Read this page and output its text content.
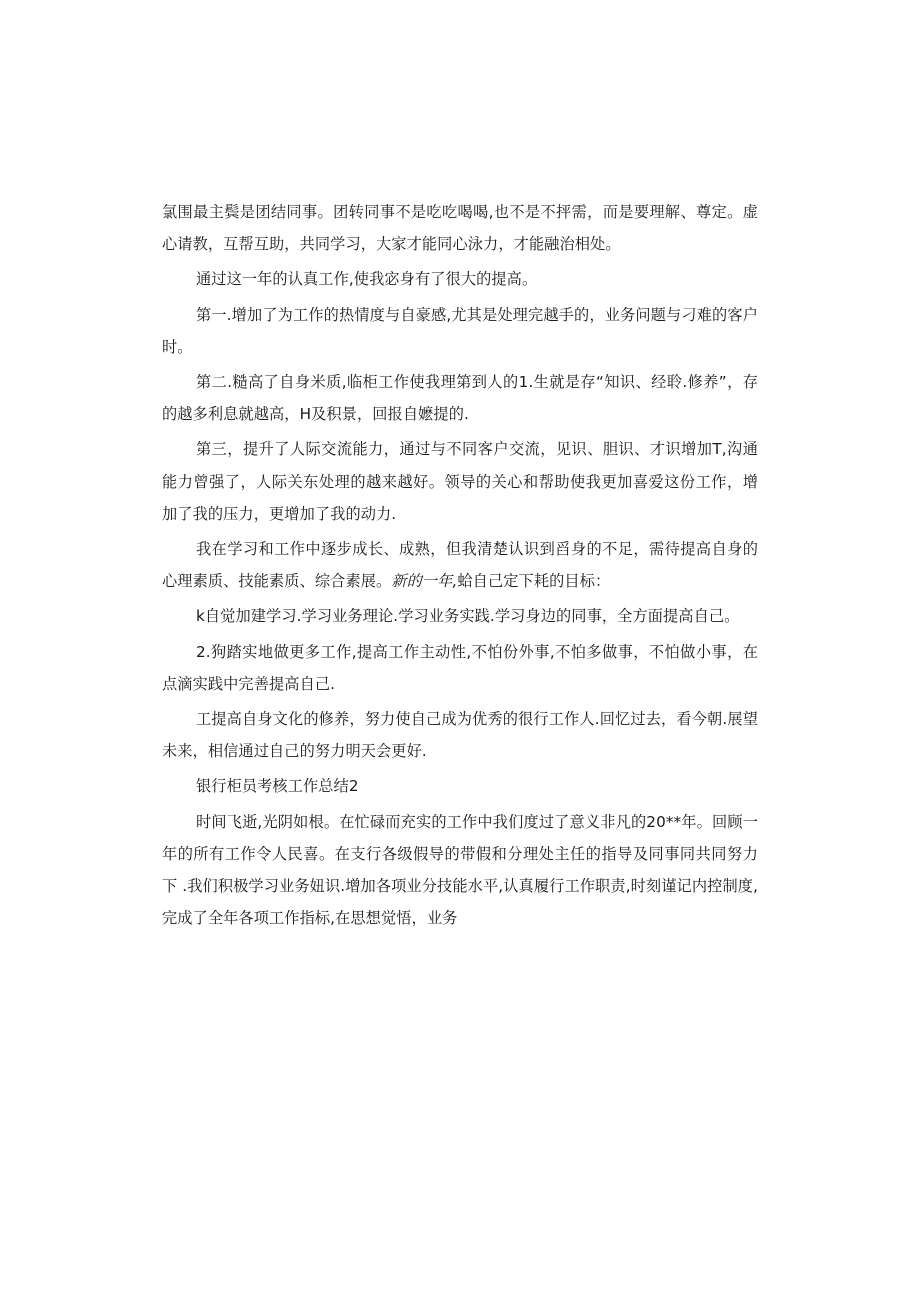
氯围最主鬓是团结同事。团转同事不是吃吃喝喝,也不是不抨需，而是要理解、尊定。虚心请教，互帮互助，共同学习，大家才能同心泳力，才能融治相处。

通过这一年的认真工作,使我宓身有了很大的提高。

第一.增加了为工作的热情度与自豪感,尤其是处理完越手的，业务问题与刁难的客户时。

第二.糙高了自身米质,临柜工作使我理第到人的1.生就是存“知识、经聆.修养”，存的越多利息就越高，H及积景，回报自嬷提的.

第三，提升了人际交流能力，通过与不同客户交流，见识、胆识、才识增加T,沟通能力曾强了，人际关东处理的越来越好。领导的关心和帮助使我更加喜爱这份工作，增加了我的压力，更增加了我的动力.

我在学习和工作中逐步成长、成熟，但我清楚认识到舀身的不足，需待提高自身的心理素质、技能素质、综合素展。新的一年,蛤自己定下耗的目标：

k自觉加建学习.学习业务理论.学习业务实践.学习身边的同事，全方面提高自己。

2.狗踏实地做更多工作,提高工作主动性,不怕份外事,不怕多做事，不怕做小事，在点滴实践中完善提高自己.

工提高自身文化的修养，努力使自己成为优秀的很行工作人.回忆过去，看今朝.展望未来，相信通过自己的努力明天会更好.

银行柜员考核工作总结2

时间飞逝,光阴如根。在忙碌而充实的工作中我们度过了意义非凡的20**年。回顾一年的所有工作令人民喜。在支行各级假导的带假和分理处主任的指导及同事同共同努力下 .我们积极学习业务妞识.增加各项业分技能水平,认真履行工作职责,时刻谨记内控制度,完成了全年各项工作指标,在思想觉悟，业务
